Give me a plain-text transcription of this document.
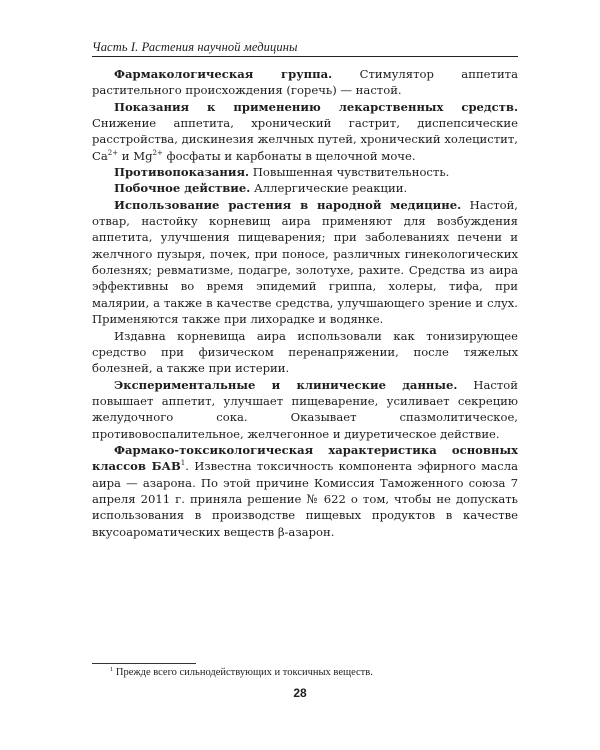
Часть I. Растения научной медицины

Фармакологическая группа. Стимулятор аппетита растительного происхождения (горечь) — настой.

Показания к применению лекарственных средств. Снижение аппетита, хронический гастрит, диспепсические расстройства, дискинезия желчных путей, хронический холецистит, $Ca^{2+}$ и $Mg^{2+}$ фосфаты и карбонаты в щелочной моче.

Противопоказания. Повышенная чувствительность.

Побочное действие. Аллергические реакции.

Использование растения в народной медицине. Настой, отвар, настойку корневищ аира применяют для возбуждения аппетита, улучшения пищеварения; при заболеваниях печени и желчного пузыря, почек, при поносе, различных гинекологических болезнях; ревматизме, подагре, золотухе, рахите. Средства из аира эффективны во время эпидемий гриппа, холеры, тифа, при малярии, а также в качестве средства, улучшающего зрение и слух. Применяются также при лихорадке и водянке.

Издавна корневища аира использовали как тонизирующее средство при физическом перенапряжении, после тяжелых болезней, а также при истерии.

Экспериментальные и клинические данные. Настой повышает аппетит, улучшает пищеварение, усиливает секрецию желудочного сока. Оказывает спазмолитическое, противовоспалительное, желчегонное и диуретическое действие.

Фармако-токсикологическая характеристика основных классов БАВ$^1$. Известна токсичность компонента эфирного масла аира — азарона. По этой причине Комиссия Таможенного союза 7 апреля 2011 г. приняла решение № 622 о том, чтобы не допускать использования в производстве пищевых продуктов в качестве вкусоароматических веществ β-азарон.

$^1$ Прежде всего сильнодействующих и токсичных веществ.
28
